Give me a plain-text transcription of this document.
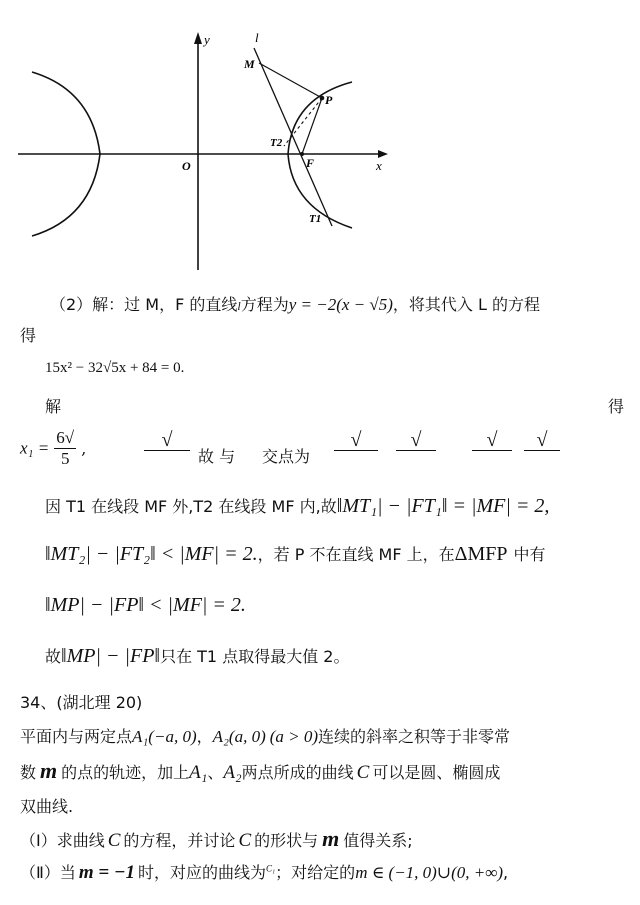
y
x
O
l
M
P
T2
F
T1
（2）解：过 M，F 的直线l方程为y = −2(x − √5)，将其代入 L 的方程
得
15x² − 32√5x + 84 = 0.
解	得
$x_1 = \frac{6√}{5}$ ,	√
故 与 交点为
√	√	√	√
因 T1 在线段 MF 外,T2 在线段 MF 内,故‖MT₁| − |FT₁‖ = |MF| = 2,
‖MT₂| − |FT₂‖ < |MF| = 2.，若 P 不在直线 MF 上，在ΔMFP 中有
‖MP| − |FP‖ < |MF| = 2.
故‖MP| − |FP‖只在 T1 点取得最大值 2。
34、(湖北理 20)
平面内与两定点A₁(−a, 0)，A₂(a, 0) (a > 0)连续的斜率之积等于非零常
数 m 的点的轨迹，加上A₁、A₂两点所成的曲线 C 可以是圆、椭圆成
双曲线.
（Ⅰ）求曲线 C 的方程，并讨论 C 的形状与 m 值得关系;
（Ⅱ）当 m = −1 时，对应的曲线为$^{C_1}$；对给定的m ∈ (−1, 0)∪(0, +∞),
